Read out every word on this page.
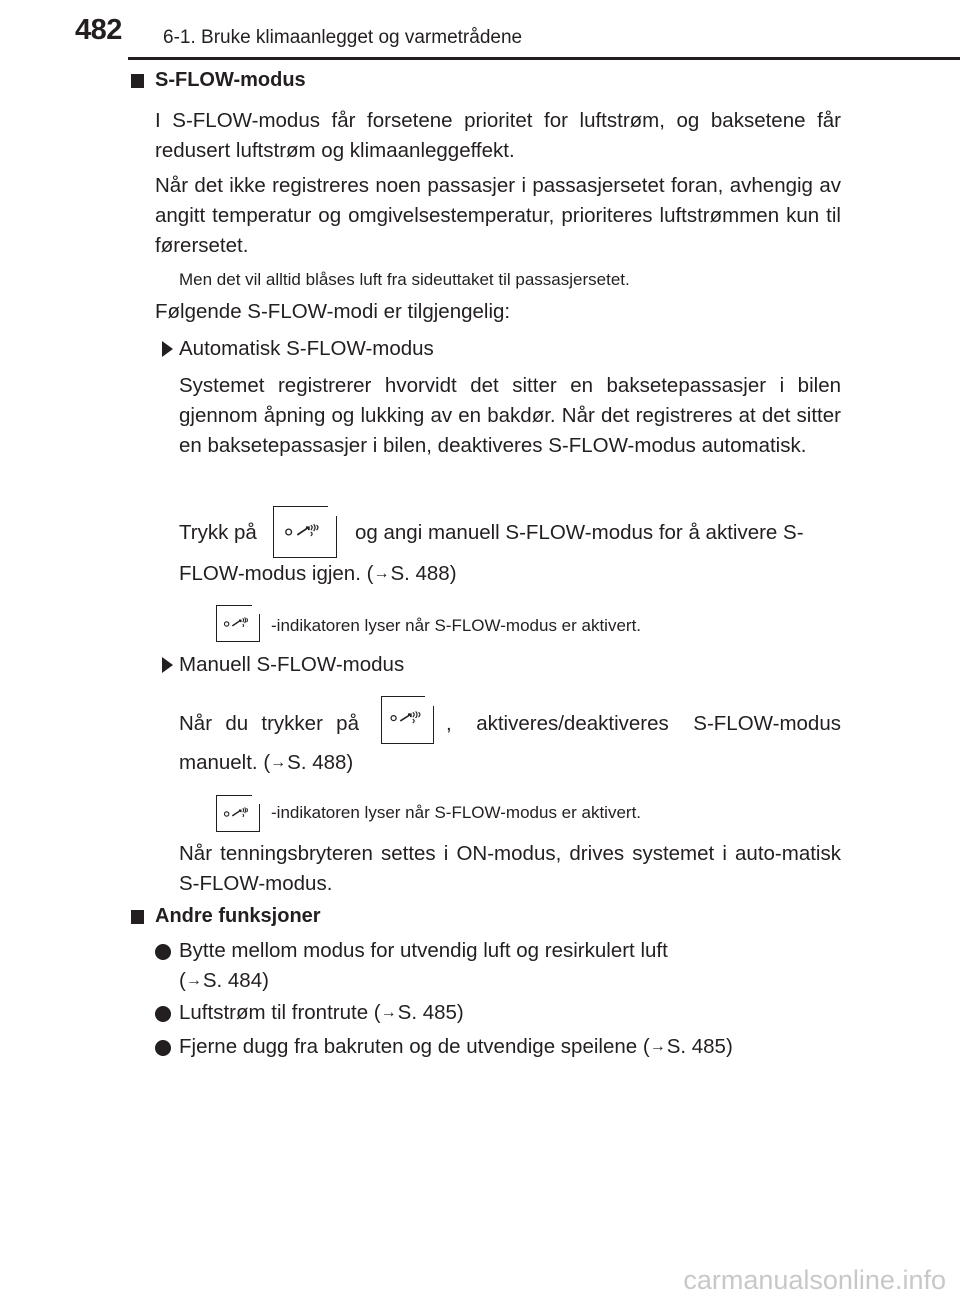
482 6-1. Bruke klimaanlegget og varmetrådene
S-FLOW-modus
I S-FLOW-modus får forsetene prioritet for luftstrøm, og baksetene får redusert luftstrøm og klimaanleggeffekt.
Når det ikke registreres noen passasjer i passasjersetet foran, avhengig av angitt temperatur og omgivelsestemperatur, prioriteres luftstrømmen kun til førersetet.
Men det vil alltid blåses luft fra sideuttaket til passasjersetet.
Følgende S-FLOW-modi er tilgjengelig:
Automatisk S-FLOW-modus
Systemet registrerer hvorvidt det sitter en baksetepassasjer i bilen gjennom åpning og lukking av en bakdør. Når det registreres at det sitter en baksetepassasjer i bilen, deaktiveres S-FLOW-modus automatisk.
Trykk på	og angi manuell S-FLOW-modus for å aktivere S-
FLOW-modus igjen. (→S. 488)
-indikatoren lyser når S-FLOW-modus er aktivert.
Manuell S-FLOW-modus
Når du trykker på	, aktiveres/deaktiveres S-FLOW-modus
manuelt. (→S. 488)
-indikatoren lyser når S-FLOW-modus er aktivert.
Når tenningsbryteren settes i ON-modus, drives systemet i auto-matisk S-FLOW-modus.
Andre funksjoner
Bytte mellom modus for utvendig luft og resirkulert luft
(→S. 484)
Luftstrøm til frontrute (→S. 485)
Fjerne dugg fra bakruten og de utvendige speilene (→S. 485)
carmanualsonline.info
